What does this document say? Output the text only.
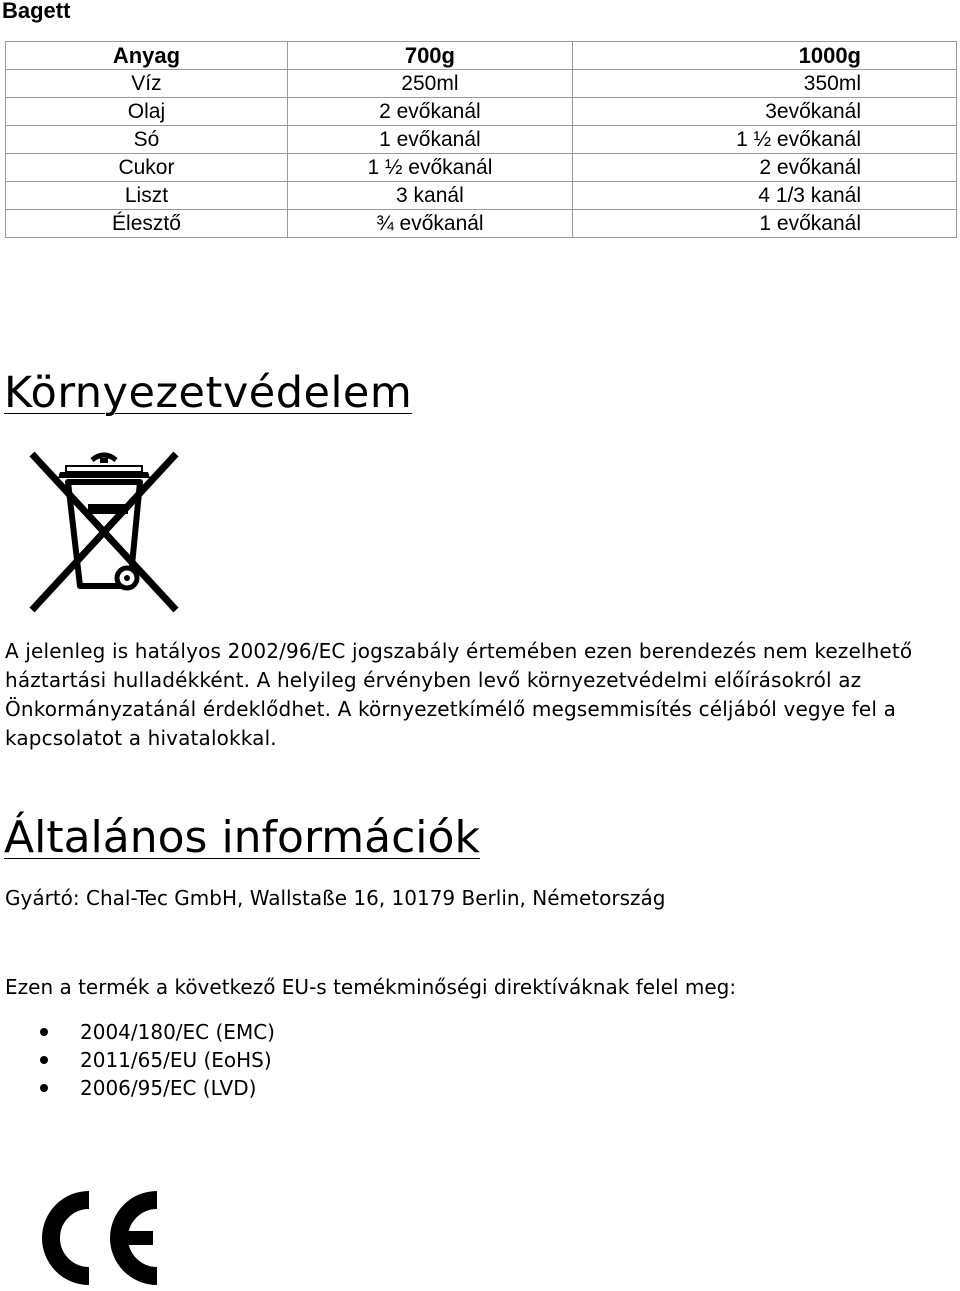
Bagett
Anyag	700g	1000g
Víz	250ml	350ml
Olaj	2 evőkanál	3evőkanál
Só	1 evőkanál	1 ½ evőkanál
Cukor	1 ½ evőkanál	2 evőkanál
Liszt	3 kanál	4 1/3 kanál
Élesztő	¾ evőkanál	1 evőkanál
Környezetvédelem

A jelenleg is hatályos 2002/96/EC jogszabály értemében ezen berendezés nem kezelhető háztartási hulladékként. A helyileg érvényben levő környezetvédelmi előírásokról az Önkormányzatánál érdeklődhet. A környezetkímélő megsemmisítés céljából vegye fel a kapcsolatot a hivatalokkal.

Általános információk

Gyártó: Chal-Tec GmbH, Wallstaße 16, 10179 Berlin, Németország

Ezen a termék a következő EU-s temékminőségi direktíváknak felel meg:

2004/180/EC (EMC)
2011/65/EU (EoHS)
2006/95/EC (LVD)
